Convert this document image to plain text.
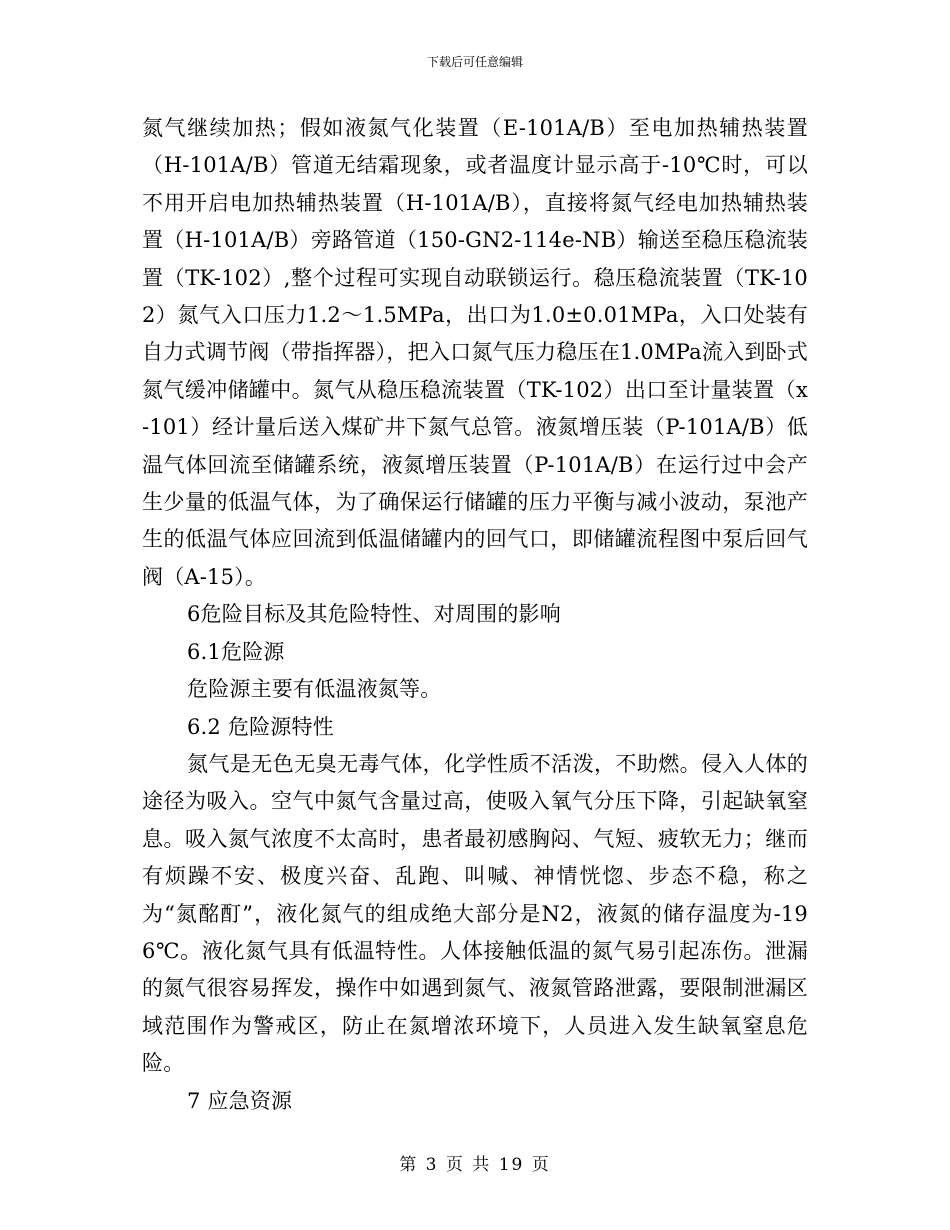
下载后可任意编辑

氮气继续加热；假如液氮气化装置（E-101A/B）至电加热辅热装置（H-101A/B）管道无结霜现象，或者温度计显示高于-10℃时，可以不用开启电加热辅热装置（H-101A/B），直接将氮气经电加热辅热装置（H-101A/B）旁路管道（150-GN2-114e-NB）输送至稳压稳流装置（TK-102）,整个过程可实现自动联锁运行。稳压稳流装置（TK-102）氮气入口压力1.2～1.5MPa，出口为1.0±0.01MPa，入口处装有自力式调节阀（带指挥器），把入口氮气压力稳压在1.0MPa流入到卧式氮气缓冲储罐中。氮气从稳压稳流装置（TK-102）出口至计量装置（x-101）经计量后送入煤矿井下氮气总管。液氮增压装（P-101A/B）低温气体回流至储罐系统，液氮增压装置（P-101A/B）在运行过中会产生少量的低温气体，为了确保运行储罐的压力平衡与减小波动，泵池产生的低温气体应回流到低温储罐内的回气口，即储罐流程图中泵后回气阀（A-15）。

6危险目标及其危险特性、对周围的影响

6.1危险源

危险源主要有低温液氮等。

6.2 危险源特性

氮气是无色无臭无毒气体，化学性质不活泼，不助燃。侵入人体的途径为吸入。空气中氮气含量过高，使吸入氧气分压下降，引起缺氧窒息。吸入氮气浓度不太高时，患者最初感胸闷、气短、疲软无力；继而有烦躁不安、极度兴奋、乱跑、叫喊、神情恍惚、步态不稳，称之为“氮酩酊”，液化氮气的组成绝大部分是N2，液氮的储存温度为-196℃。液化氮气具有低温特性。人体接触低温的氮气易引起冻伤。泄漏的氮气很容易挥发，操作中如遇到氮气、液氮管路泄露，要限制泄漏区域范围作为警戒区，防止在氮增浓环境下，人员进入发生缺氧窒息危险。

7 应急资源

第 3 页 共 19 页
